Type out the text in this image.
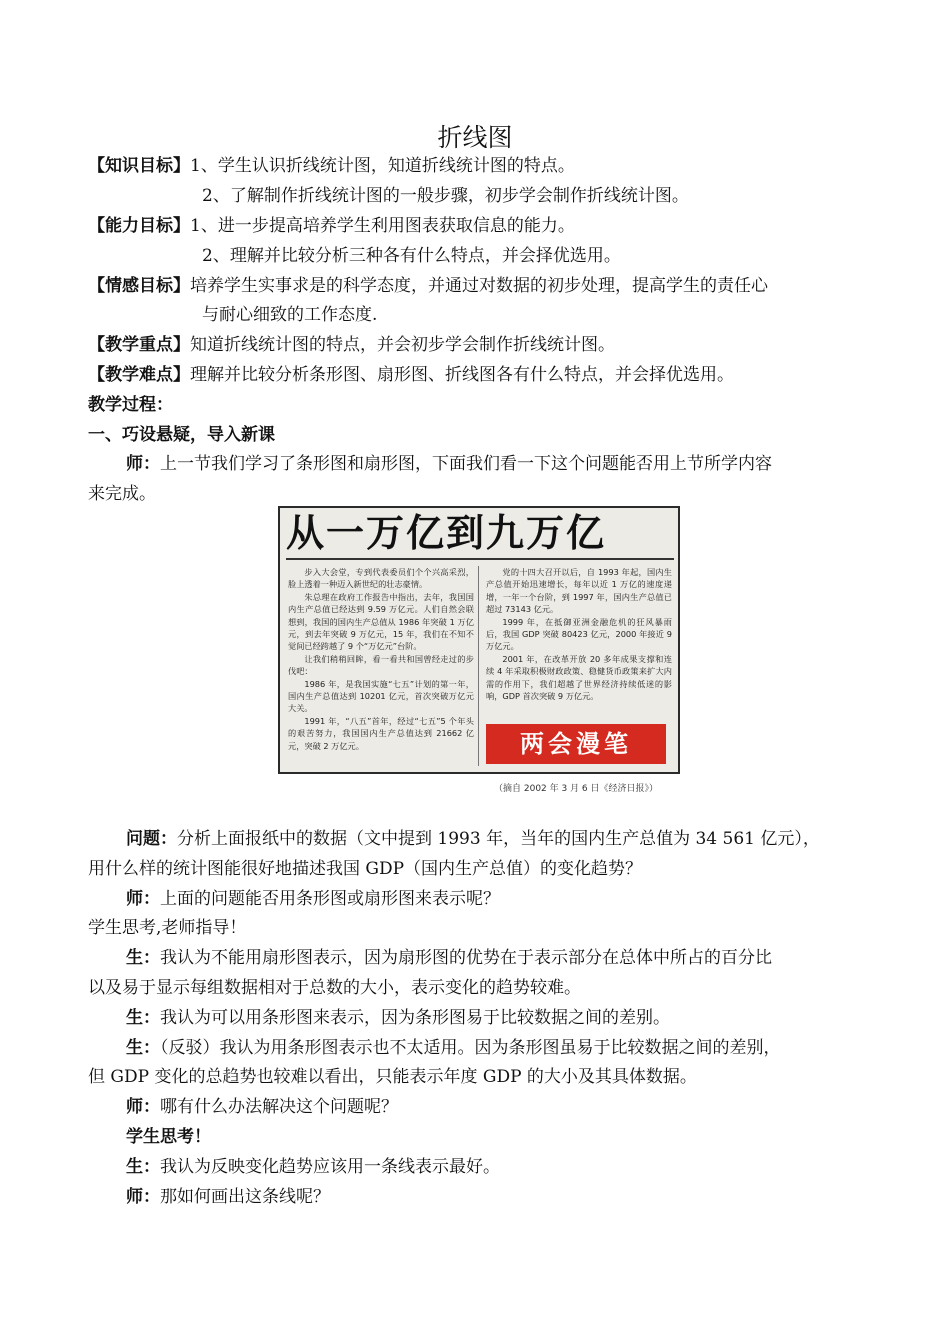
折线图
【知识目标】1、学生认识折线统计图，知道折线统计图的特点。
2、了解制作折线统计图的一般步骤，初步学会制作折线统计图。
【能力目标】1、进一步提高培养学生利用图表获取信息的能力。
2、理解并比较分析三种各有什么特点，并会择优选用。
【情感目标】培养学生实事求是的科学态度，并通过对数据的初步处理，提高学生的责任心
与耐心细致的工作态度.
【教学重点】知道折线统计图的特点，并会初步学会制作折线统计图。
【教学难点】理解并比较分析条形图、扇形图、折线图各有什么特点，并会择优选用。
教学过程：
一、巧设悬疑，导入新课
师：上一节我们学习了条形图和扇形图，下面我们看一下这个问题能否用上节所学内容
来完成。
从一万亿到九万亿

步入大会堂，专到代表委员们个个兴高采烈，脸上透着一种迈入新世纪的壮志豪情。

朱总理在政府工作报告中指出，去年，我国国内生产总值已经达到 9.59 万亿元。人们自然会联想到，我国的国内生产总值从 1986 年突破 1 万亿元，到去年突破 9 万亿元，15 年，我们在不知不觉间已经跨越了 9 个“万亿元”台阶。

让我们稍稍回眸，看一看共和国曾经走过的步伐吧：

1986 年，是我国实施“七五”计划的第一年，国内生产总值达到 10201 亿元，首次突破万亿元大关。

1991 年，“八五”首年，经过“七五”5 个年头的艰苦努力，我国国内生产总值达到 21662 亿元，突破 2 万亿元。

党的十四大召开以后，自 1993 年起，国内生产总值开始迅速增长，每年以近 1 万亿的速度递增，一年一个台阶，到 1997 年，国内生产总值已超过 73143 亿元。

1999 年，在抵御亚洲金融危机的狂风暴雨后，我国 GDP 突破 80423 亿元，2000 年接近 9 万亿元。

2001 年，在改革开放 20 多年成果支撑和连续 4 年采取积极财政政策、稳健货币政策来扩大内需的作用下，我们超越了世界经济持续低迷的影响，GDP 首次突破 9 万亿元。

两会漫笔
（摘自 2002 年 3 月 6 日《经济日报》）
问题：分析上面报纸中的数据（文中提到 1993 年，当年的国内生产总值为 34 561 亿元），
用什么样的统计图能很好地描述我国 GDP（国内生产总值）的变化趋势？
师：上面的问题能否用条形图或扇形图来表示呢？
学生思考,老师指导！
生：我认为不能用扇形图表示，因为扇形图的优势在于表示部分在总体中所占的百分比
以及易于显示每组数据相对于总数的大小，表示变化的趋势较难。
生：我认为可以用条形图来表示，因为条形图易于比较数据之间的差别。
生：（反驳）我认为用条形图表示也不太适用。因为条形图虽易于比较数据之间的差别，
但 GDP 变化的总趋势也较难以看出，只能表示年度 GDP 的大小及其具体数据。
师：哪有什么办法解决这个问题呢？
学生思考！
生：我认为反映变化趋势应该用一条线表示最好。
师：那如何画出这条线呢？
